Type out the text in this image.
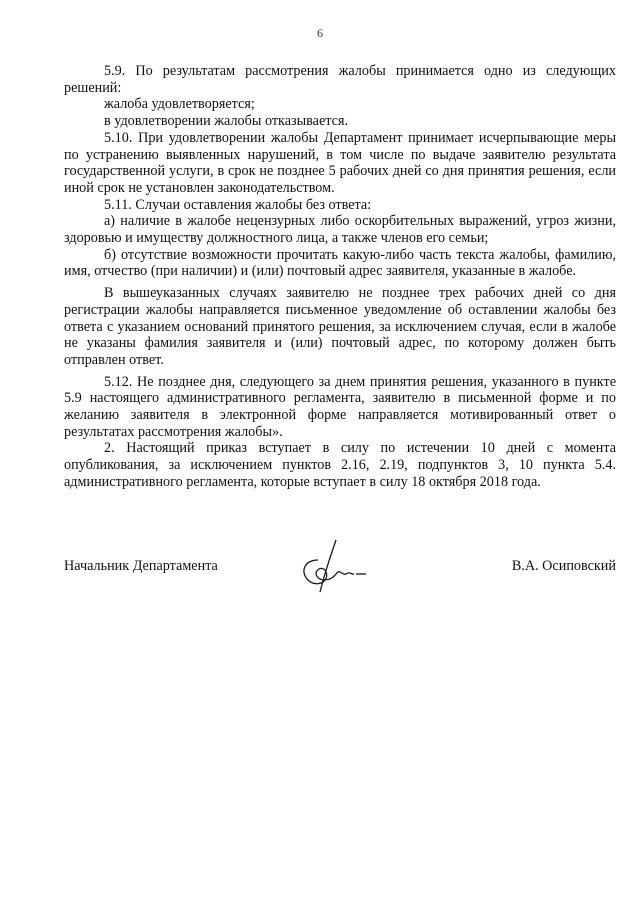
6

5.9. По результатам рассмотрения жалобы принимается одно из следующих решений:

жалоба удовлетворяется;

в удовлетворении жалобы отказывается.

5.10. При удовлетворении жалобы Департамент принимает исчерпывающие меры по устранению выявленных нарушений, в том числе по выдаче заявителю результата государственной услуги, в срок не позднее 5 рабочих дней со дня принятия решения, если иной срок не установлен законодательством.

5.11. Случаи оставления жалобы без ответа:

а) наличие в жалобе нецензурных либо оскорбительных выражений, угроз жизни, здоровью и имуществу должностного лица, а также членов его семьи;

б) отсутствие возможности прочитать какую-либо часть текста жалобы, фамилию, имя, отчество (при наличии) и (или) почтовый адрес заявителя, указанные в жалобе.

В вышеуказанных случаях заявителю не позднее трех рабочих дней со дня регистрации жалобы направляется письменное уведомление об оставлении жалобы без ответа с указанием оснований принятого решения, за исключением случая, если в жалобе не указаны фамилия заявителя и (или) почтовый адрес, по которому должен быть отправлен ответ.

5.12. Не позднее дня, следующего за днем принятия решения, указанного в пункте 5.9 настоящего административного регламента, заявителю в письменной форме и по желанию заявителя в электронной форме направляется мотивированный ответ о результатах рассмотрения жалобы».

2. Настоящий приказ вступает в силу по истечении 10 дней с момента опубликования, за исключением пунктов 2.16, 2.19, подпунктов 3, 10 пункта 5.4. административного регламента, которые вступает в силу 18 октября 2018 года.

Начальник Департамента	В.А. Осиповский
